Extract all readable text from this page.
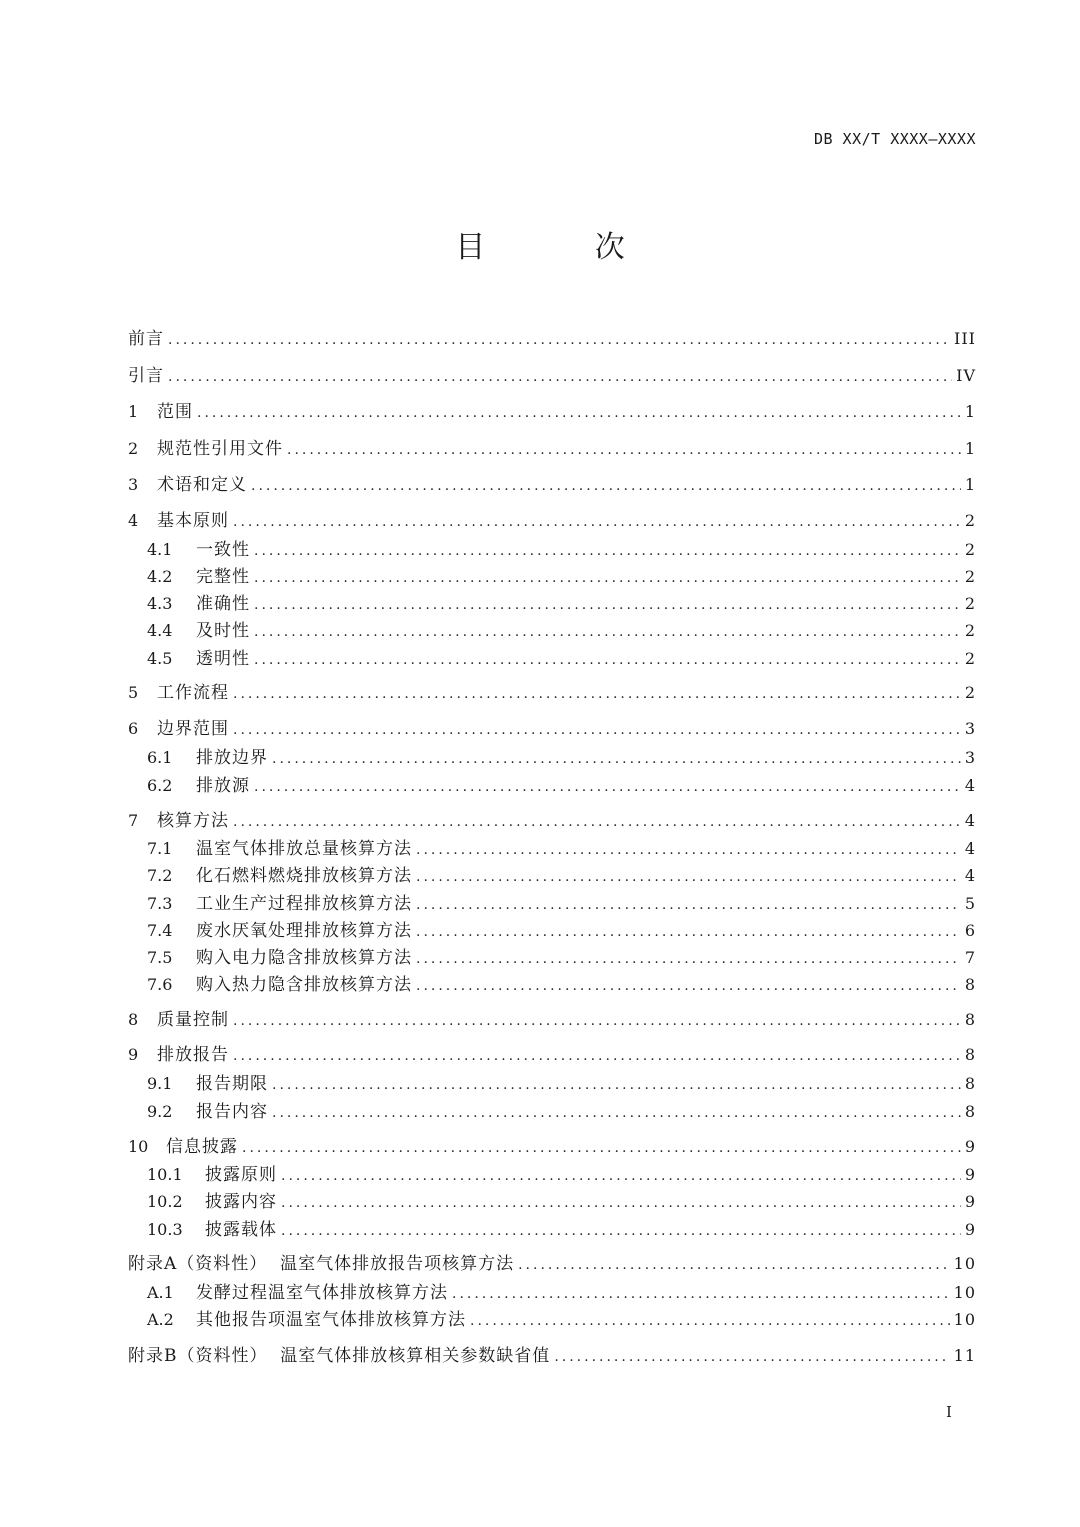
DB XX/T XXXX—XXXX
目 次
前言 .....	III
引言 .....	IV
1	范围 .....	1
2	规范性引用文件 .....	1
3	术语和定义 .....	1
4	基本原则 .....	2
4.1	一致性 .....	2
4.2	完整性 .....	2
4.3	准确性 .....	2
4.4	及时性 .....	2
4.5	透明性 .....	2
5	工作流程 .....	2
6	边界范围 .....	3
6.1	排放边界 .....	3
6.2	排放源 .....	4
7	核算方法 .....	4
7.1	温室气体排放总量核算方法 .....	4
7.2	化石燃料燃烧排放核算方法 .....	4
7.3	工业生产过程排放核算方法 .....	5
7.4	废水厌氧处理排放核算方法 .....	6
7.5	购入电力隐含排放核算方法 .....	7
7.6	购入热力隐含排放核算方法 .....	8
8	质量控制 .....	8
9	排放报告 .....	8
9.1	报告期限 .....	8
9.2	报告内容 .....	8
10	信息披露 .....	9
10.1	披露原则 .....	9
10.2	披露内容 .....	9
10.3	披露载体 .....	9
附录A（资料性）  温室气体排放报告项核算方法 .....	10
A.1	发酵过程温室气体排放核算方法 .....	10
A.2	其他报告项温室气体排放核算方法 .....	10
附录B（资料性）  温室气体排放核算相关参数缺省值 .....	11
I
